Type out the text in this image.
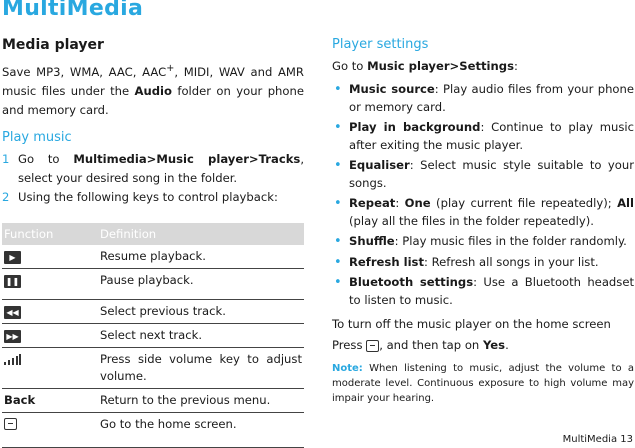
MultiMedia
Media player

Save MP3, WMA, AAC, AAC+, MIDI, WAV and AMR music files under the Audio folder on your phone and memory card.

Play music
1 Go to Multimedia>Music player>Tracks, select your desired song in the folder.
2 Using the following keys to control playback:
Function	Definition
▶	Resume playback.
❚❚	Pause playback.
◀◀	Select previous track.
▶▶	Select next track.

	Press side volume key to adjust volume.
Back	Return to the previous menu.
	Go to the home screen.
Player settings

Go to Music player>Settings:

• Music source: Play audio files from your phone or memory card.
• Play in background: Continue to play music after exiting the music player.
• Equaliser: Select music style suitable to your songs.
• Repeat: One (play current file repeatedly); All (play all the files in the folder repeatedly).
• Shuffle: Play music files in the folder randomly.
• Refresh list: Refresh all songs in your list.
• Bluetooth settings: Use a Bluetooth headset to listen to music.

To turn off the music player on the home screen

Press , and then tap on Yes.

Note: When listening to music, adjust the volume to a moderate level. Continuous exposure to high volume may impair your hearing.

MultiMedia 13
